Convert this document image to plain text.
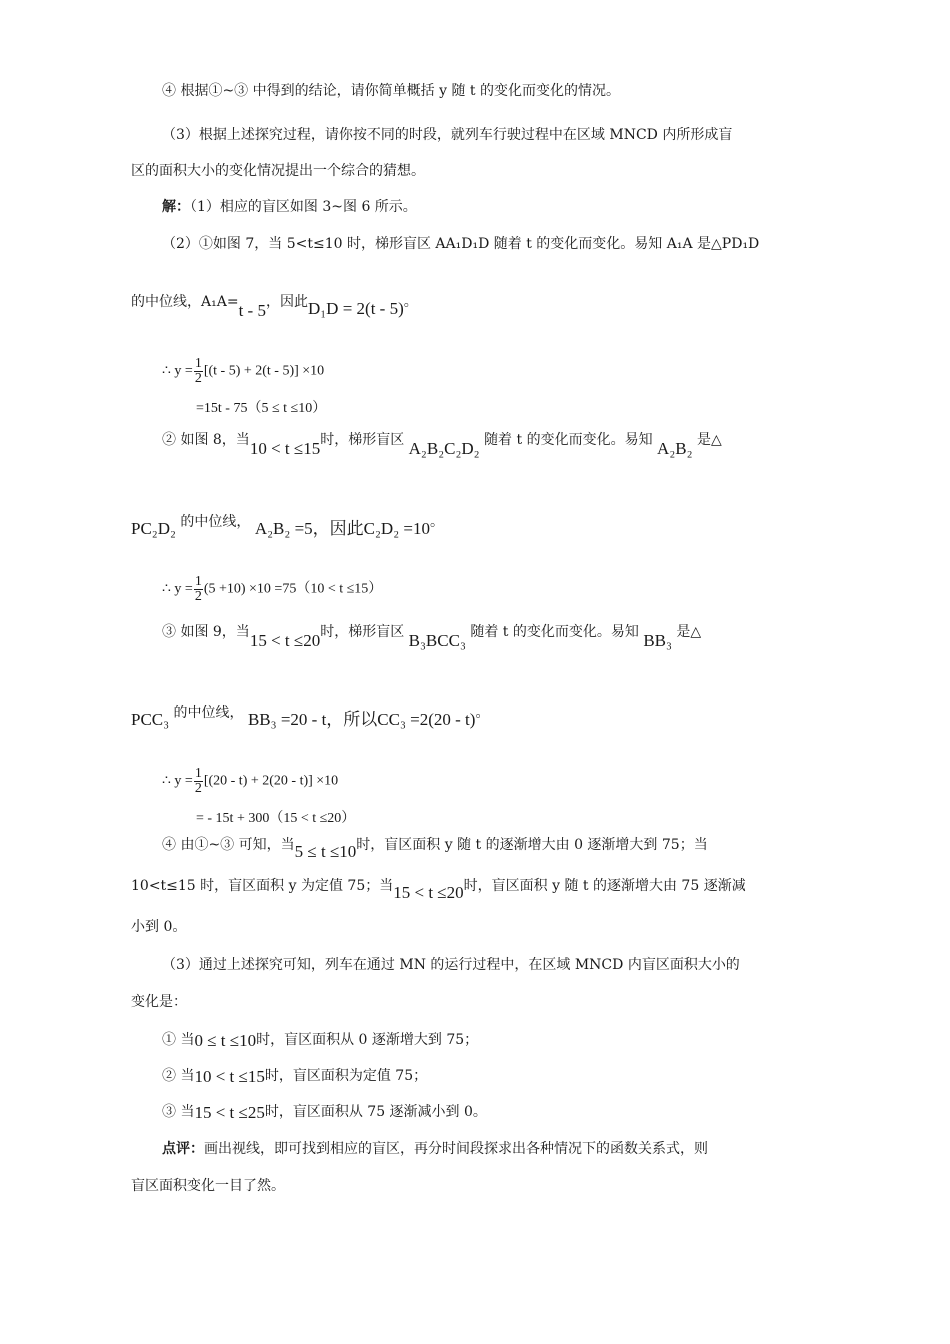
④ 根据①~③ 中得到的结论，请你简单概括 y 随 t 的变化而变化的情况。
（3）根据上述探究过程，请你按不同的时段，就列车行驶过程中在区域 MNCD 内所形成盲
区的面积大小的变化情况提出一个综合的猜想。
解：（1）相应的盲区如图 3~图 6 所示。
（2）①如图 7，当 5<t≤10 时，梯形盲区 AA₁D₁D 随着 t 的变化而变化。易知 A₁A 是△PD₁D
的中位线，A₁A=t - 5，因此D₁D = 2(t - 5)。
∴ $y = \frac{1}{2} [(t - 5) + 2(t - 5)] \times 10$
=15t - 75（5 ≤ t ≤10）
② 如图 8，当10 < t ≤15时，梯形盲区 A₂B₂C₂D₂ 随着 t 的变化而变化。易知 A₂B₂ 是△
PC₂D₂ 的中位线， A₂B₂ =5，因此C₂D₂ =10。
∴ $y = \frac{1}{2} (5 +10) \times 10 =75(10 < t \le 15)$
③ 如图 9，当15 < t ≤20时，梯形盲区 B₃BCC₃ 随着 t 的变化而变化。易知 BB₃ 是△
PCC₃ 的中位线， BB₃ =20 - t，所以CC₃ =2(20 - t)。
∴ $y = \frac{1}{2} [(20 - t) + 2(20 - t)] \times 10$
= - 15t + 300（15 < t ≤20）
④ 由①~③ 可知，当5 ≤ t ≤10时，盲区面积 y 随 t 的逐渐增大由 0 逐渐增大到 75；当
10<t≤15 时，盲区面积 y 为定值 75；当15 < t ≤20时，盲区面积 y 随 t 的逐渐增大由 75 逐渐减
小到 0。
（3）通过上述探究可知，列车在通过 MN 的运行过程中，在区域 MNCD 内盲区面积大小的
变化是：
① 当0 ≤ t ≤10时，盲区面积从 0 逐渐增大到 75；
② 当10 < t ≤15时，盲区面积为定值 75；
③ 当15 < t ≤25时，盲区面积从 75 逐渐减小到 0。
点评：画出视线，即可找到相应的盲区，再分时间段探求出各种情况下的函数关系式，则
盲区面积变化一目了然。
